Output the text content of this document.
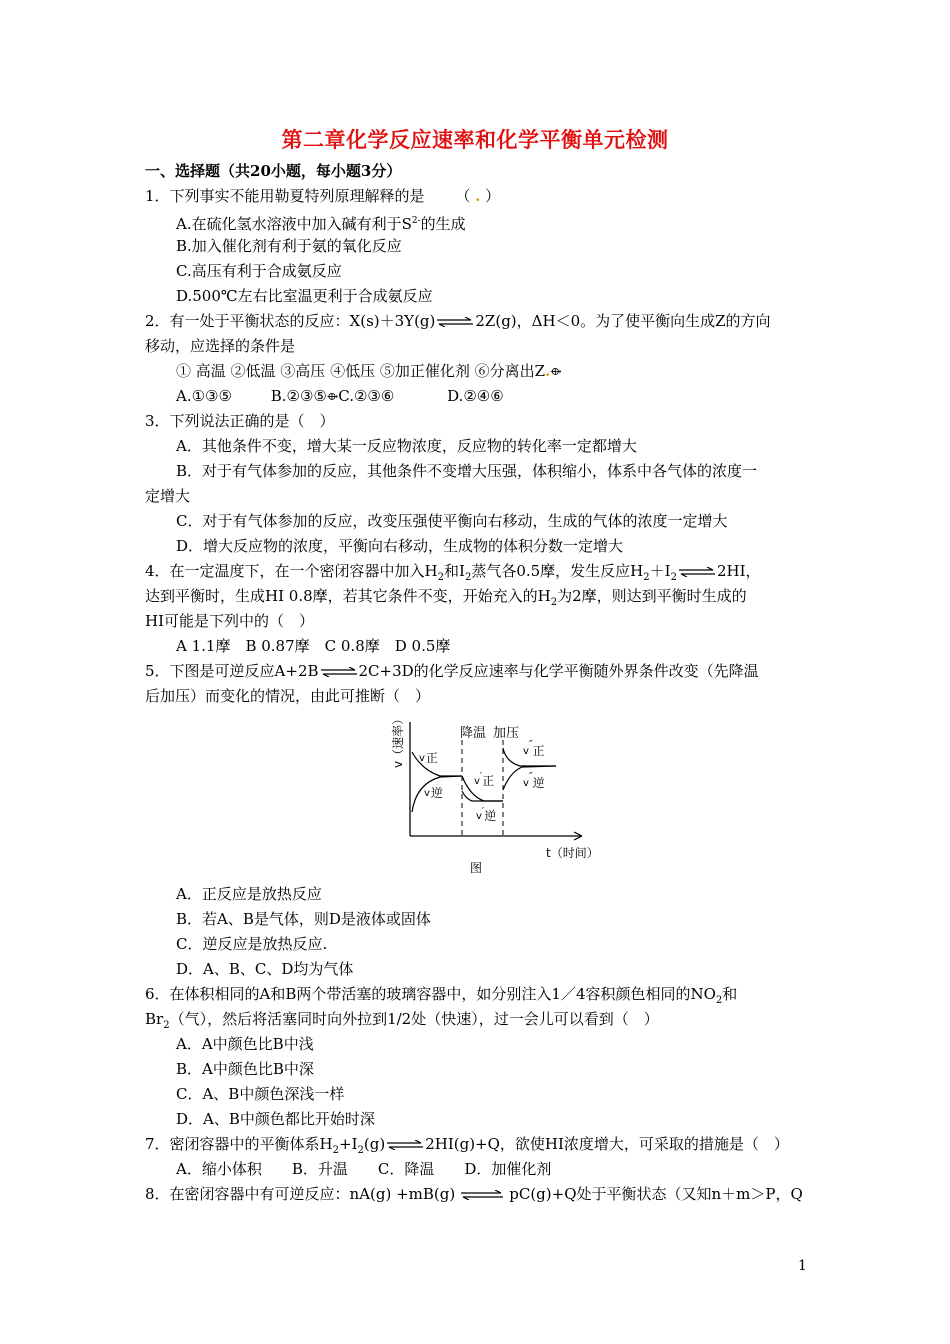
第二章化学反应速率和化学平衡单元检测
一、选择题（共20小题，每小题3分）
1．下列事实不能用勒夏特列原理解释的是 （ . ）
A.在硫化氢水溶液中加入碱有利于$S^{2-}$的生成
B.加入催化剂有利于氨的氧化反应
C.高压有利于合成氨反应
D.500℃左右比室温更利于合成氨反应
2．有一处于平衡状态的反应：X(s)＋3Y(g)⇌2Z(g)，ΔH＜0。为了使平衡向生成Z的方向
移动，应选择的条件是
① 高温 ②低温 ③高压 ④低压 ⑤加正催化剂 ⑥分离出Z.⟴
A.①③⑤	B.②③⑤⟴C.②③⑥	D.②④⑥
3．下列说法正确的是（　）
A．其他条件不变，增大某一反应物浓度，反应物的转化率一定都增大
B．对于有气体参加的反应，其他条件不变增大压强，体积缩小，体系中各气体的浓度一
定增大
C．对于有气体参加的反应，改变压强使平衡向右移动，生成的气体的浓度一定增大
D．增大反应物的浓度，平衡向右移动，生成物的体积分数一定增大
4．在一定温度下，在一个密闭容器中加入$H_2$和$I_2$蒸气各0.5摩，发生反应$H_2+I_2\rightleftharpoons 2HI$，
达到平衡时，生成HI 0.8摩，若其它条件不变，开始充入的$H_2$为2摩，则达到平衡时生成的
HI可能是下列中的（　）
A 1.1摩　B 0.87摩　C 0.8摩　D 0.5摩
5．下图是可逆反应A+2B⇌2C+3D的化学反应速率与化学平衡随外界条件改变（先降温
后加压）而变化的情况，由此可推断（　）
v（速率）	降温 加压
v正
v逆
v′正
v′逆
v″正
v″逆
t（时间）
图
A．正反应是放热反应
B．若A、B是气体，则D是液体或固体
C．逆反应是放热反应.
D．A、B、C、D均为气体
6．在体积相同的A和B两个带活塞的玻璃容器中，如分别注入1／4容积颜色相同的$NO_2$和
$Br_2$（气），然后将活塞同时向外拉到1/2处（快速），过一会儿可以看到（　）
A．A中颜色比B中浅
B．A中颜色比B中深
C．A、B中颜色深浅一样
D．A、B中颜色都比开始时深
7．密闭容器中的平衡体系$H_2+I_2(g)\rightleftharpoons 2HI(g)+Q$，欲使HI浓度增大，可采取的措施是（　）
A．缩小体积　　B．升温　　C．降温　　D．加催化剂
8．在密闭容器中有可逆反应：nA(g) +mB(g) ⇌ pC(g)+Q处于平衡状态（又知n＋m＞P，Q
1
